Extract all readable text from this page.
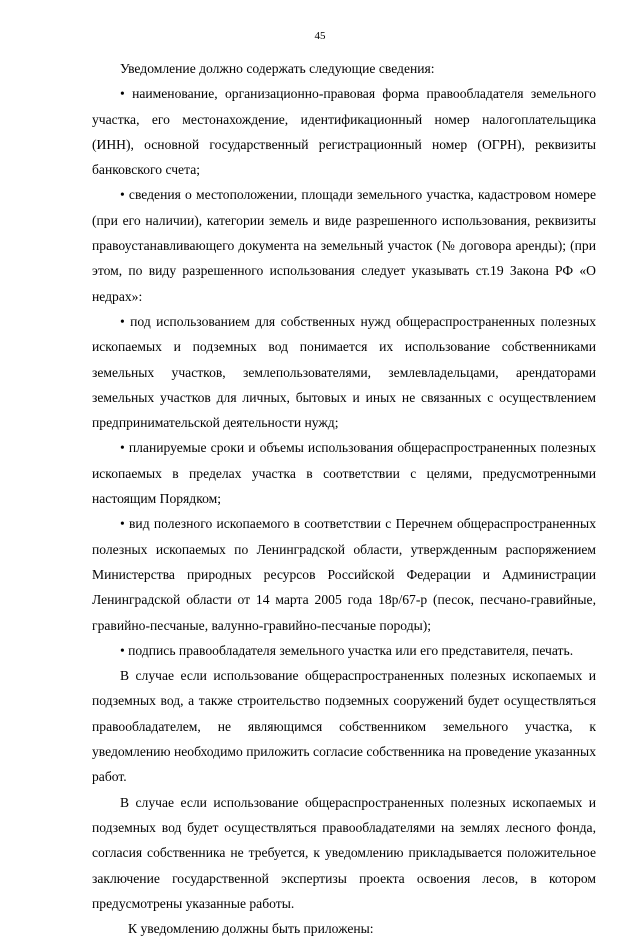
45

Уведомление должно содержать следующие сведения:

• наименование, организационно-правовая форма правообладателя земельного участка, его местонахождение, идентификационный номер налогоплательщика (ИНН), основной государственный регистрационный номер (ОГРН), реквизиты банковского счета;

• сведения о местоположении, площади земельного участка, кадастровом номере (при его наличии), категории земель и виде разрешенного использования, реквизиты правоустанавливающего документа на земельный участок (№ договора аренды); (при этом, по виду разрешенного использования следует указывать ст.19 Закона РФ «О недрах»:

• под использованием для собственных нужд общераспространенных полезных ископаемых и подземных вод понимается их использование собственниками земельных участков, землепользователями, землевладельцами, арендаторами земельных участков для личных, бытовых и иных не связанных с осуществлением предпринимательской деятельности нужд;

• планируемые сроки и объемы использования общераспространенных полезных ископаемых в пределах участка в соответствии с целями, предусмотренными настоящим Порядком;

• вид полезного ископаемого в соответствии с Перечнем общераспространенных полезных ископаемых по Ленинградской области, утвержденным распоряжением Министерства природных ресурсов Российской Федерации и Администрации Ленинградской области от 14 марта 2005 года 18р/67-р (песок, песчано-гравийные, гравийно-песчаные, валунно-гравийно-песчаные породы);

• подпись правообладателя земельного участка или его представителя, печать.

В случае если использование общераспространенных полезных ископаемых и подземных вод, а также строительство подземных сооружений будет осуществляться правообладателем, не являющимся собственником земельного участка, к уведомлению необходимо приложить согласие собственника на проведение указанных работ.

В случае если использование общераспространенных полезных ископаемых и подземных вод будет осуществляться правообладателями на землях лесного фонда, согласия собственника не требуется, к уведомлению прикладывается положительное заключение государственной экспертизы проекта освоения лесов, в котором предусмотрены указанные работы.

К уведомлению должны быть приложены:
